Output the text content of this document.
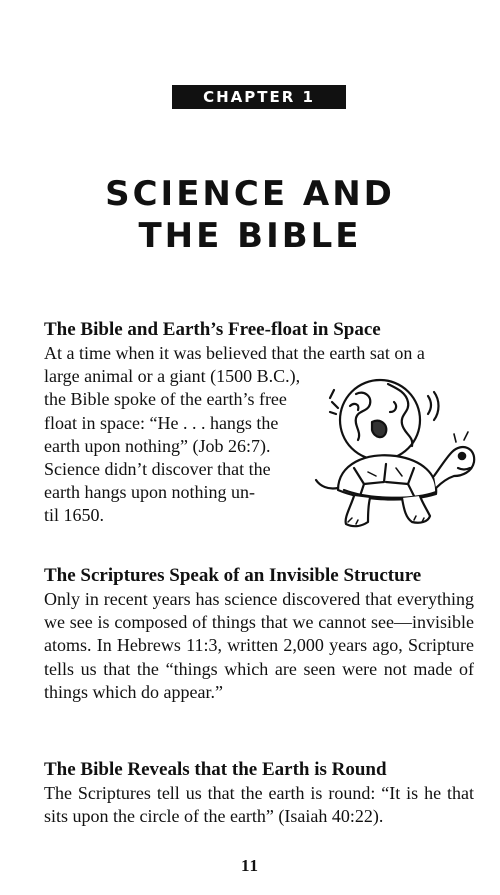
CHAPTER 1
SCIENCE AND
THE BIBLE
The Bible and Earth’s Free-float in Space

At a time when it was believed that the earth sat on a
large animal or a giant (1500 B.C.),
the Bible spoke of the earth’s free
float in space: “He . . . hangs the
earth upon nothing” (Job 26:7).
Science didn’t discover that the
earth hangs upon nothing un-
til 1650.

The Scriptures Speak of an Invisible Structure

Only in recent years has science discovered that everything we see is composed of things that we cannot see—invisible atoms. In Hebrews 11:3, written 2,000 years ago, Scripture tells us that the “things which are seen were not made of things which do appear.”

The Bible Reveals that the Earth is Round

The Scriptures tell us that the earth is round: “It is he that sits upon the circle of the earth” (Isaiah 40:22).

11
